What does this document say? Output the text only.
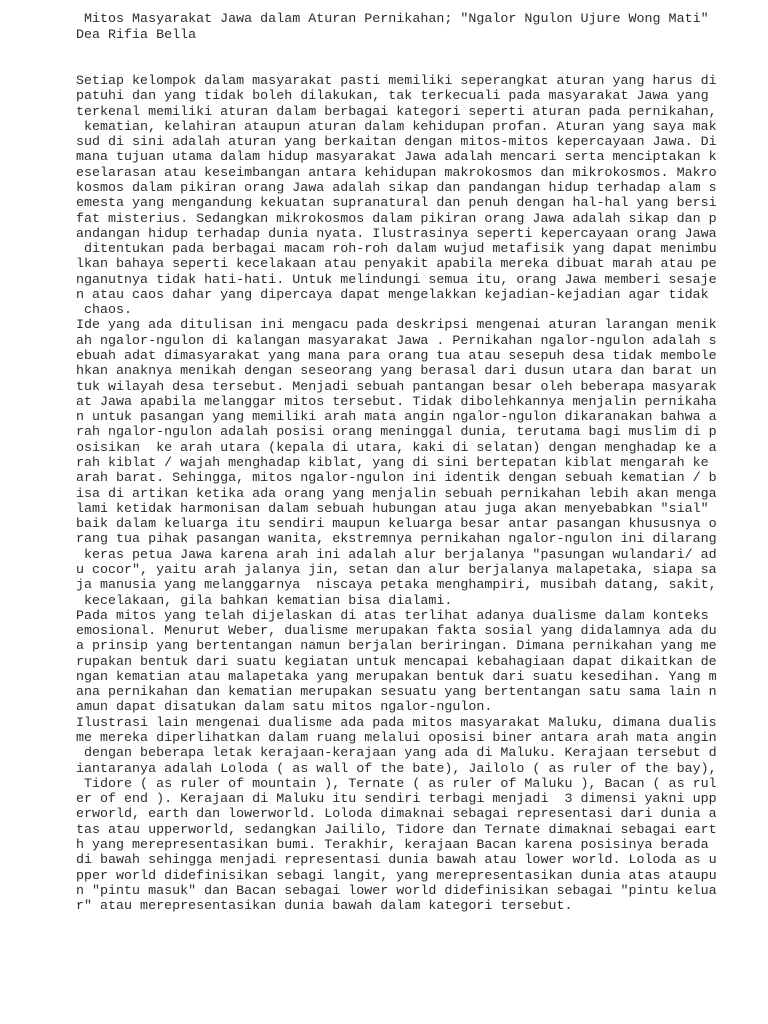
Mitos Masyarakat Jawa dalam Aturan Pernikahan; "Ngalor Ngulon Ujure Wong Mati"
Dea Rifia Bella
Setiap kelompok dalam masyarakat pasti memiliki seperangkat aturan yang harus di
patuhi dan yang tidak boleh dilakukan, tak terkecuali pada masyarakat Jawa yang
terkenal memiliki aturan dalam berbagai kategori seperti aturan pada pernikahan,
kematian, kelahiran ataupun aturan dalam kehidupan profan. Aturan yang saya mak
sud di sini adalah aturan yang berkaitan dengan mitos-mitos kepercayaan Jawa. Di
mana tujuan utama dalam hidup masyarakat Jawa adalah mencari serta menciptakan k
eselarasan atau keseimbangan antara kehidupan makrokosmos dan mikrokosmos. Makro
kosmos dalam pikiran orang Jawa adalah sikap dan pandangan hidup terhadap alam s
emesta yang mengandung kekuatan supranatural dan penuh dengan hal-hal yang bersi
fat misterius. Sedangkan mikrokosmos dalam pikiran orang Jawa adalah sikap dan p
andangan hidup terhadap dunia nyata. Ilustrasinya seperti kepercayaan orang Jawa
ditentukan pada berbagai macam roh-roh dalam wujud metafisik yang dapat menimbu
lkan bahaya seperti kecelakaan atau penyakit apabila mereka dibuat marah atau pe
nganutnya tidak hati-hati. Untuk melindungi semua itu, orang Jawa memberi sesaje
n atau caos dahar yang dipercaya dapat mengelakkan kejadian-kejadian agar tidak
chaos.
Ide yang ada ditulisan ini mengacu pada deskripsi mengenai aturan larangan menik
ah ngalor-ngulon di kalangan masyarakat Jawa . Pernikahan ngalor-ngulon adalah s
ebuah adat dimasyarakat yang mana para orang tua atau sesepuh desa tidak membole
hkan anaknya menikah dengan seseorang yang berasal dari dusun utara dan barat un
tuk wilayah desa tersebut. Menjadi sebuah pantangan besar oleh beberapa masyarak
at Jawa apabila melanggar mitos tersebut. Tidak dibolehkannya menjalin pernikaha
n untuk pasangan yang memiliki arah mata angin ngalor-ngulon dikaranakan bahwa a
rah ngalor-ngulon adalah posisi orang meninggal dunia, terutama bagi muslim di p
osisikan  ke arah utara (kepala di utara, kaki di selatan) dengan menghadap ke a
rah kiblat / wajah menghadap kiblat, yang di sini bertepatan kiblat mengarah ke
arah barat. Sehingga, mitos ngalor-ngulon ini identik dengan sebuah kematian / b
isa di artikan ketika ada orang yang menjalin sebuah pernikahan lebih akan menga
lami ketidak harmonisan dalam sebuah hubungan atau juga akan menyebabkan "sial"
baik dalam keluarga itu sendiri maupun keluarga besar antar pasangan khususnya o
rang tua pihak pasangan wanita, ekstremnya pernikahan ngalor-ngulon ini dilarang
keras petua Jawa karena arah ini adalah alur berjalanya "pasungan wulandari/ ad
u cocor", yaitu arah jalanya jin, setan dan alur berjalanya malapetaka, siapa sa
ja manusia yang melanggarnya  niscaya petaka menghampiri, musibah datang, sakit,
kecelakaan, gila bahkan kematian bisa dialami.
Pada mitos yang telah dijelaskan di atas terlihat adanya dualisme dalam konteks
emosional. Menurut Weber, dualisme merupakan fakta sosial yang didalamnya ada du
a prinsip yang bertentangan namun berjalan beriringan. Dimana pernikahan yang me
rupakan bentuk dari suatu kegiatan untuk mencapai kebahagiaan dapat dikaitkan de
ngan kematian atau malapetaka yang merupakan bentuk dari suatu kesedihan. Yang m
ana pernikahan dan kematian merupakan sesuatu yang bertentangan satu sama lain n
amun dapat disatukan dalam satu mitos ngalor-ngulon.
Ilustrasi lain mengenai dualisme ada pada mitos masyarakat Maluku, dimana dualis
me mereka diperlihatkan dalam ruang melalui oposisi biner antara arah mata angin
dengan beberapa letak kerajaan-kerajaan yang ada di Maluku. Kerajaan tersebut d
iantaranya adalah Loloda ( as wall of the bate), Jailolo ( as ruler of the bay),
Tidore ( as ruler of mountain ), Ternate ( as ruler of Maluku ), Bacan ( as rul
er of end ). Kerajaan di Maluku itu sendiri terbagi menjadi  3 dimensi yakni upp
erworld, earth dan lowerworld. Loloda dimaknai sebagai representasi dari dunia a
tas atau upperworld, sedangkan Jaililo, Tidore dan Ternate dimaknai sebagai eart
h yang merepresentasikan bumi. Terakhir, kerajaan Bacan karena posisinya berada
di bawah sehingga menjadi representasi dunia bawah atau lower world. Loloda as u
pper world didefinisikan sebagi langit, yang merepresentasikan dunia atas ataupu
n "pintu masuk" dan Bacan sebagai lower world didefinisikan sebagai "pintu kelua
r" atau merepresentasikan dunia bawah dalam kategori tersebut.
